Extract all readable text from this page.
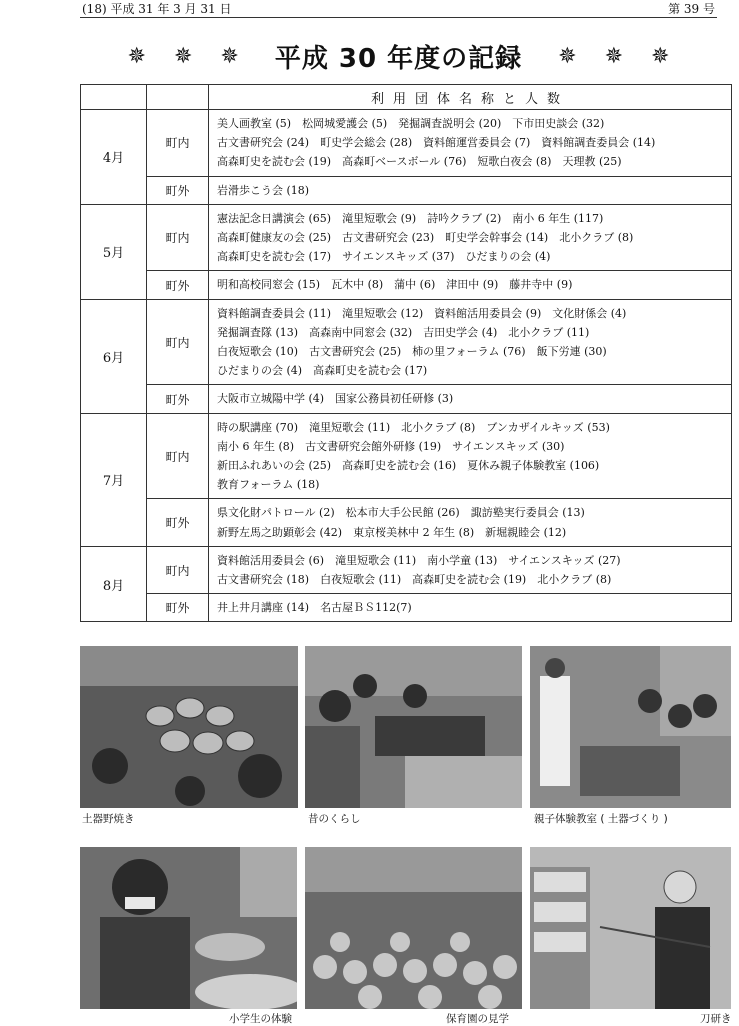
(18) 平成 31 年 3 月 31 日	第 39 号
✵ ✵ ✵ 平成 30 年度の記録 ✵ ✵ ✵
		利用団体名称と人数
4月	町内	美人画教室 (5)　松岡城愛護会 (5)　発掘調査説明会 (20)　下市田史談会 (32)
古文書研究会 (24)　町史学会総会 (28)　資料館運営委員会 (7)　資料館調査委員会 (14)
高森町史を読む会 (19)　高森町ベースボール (76)　短歌白夜会 (8)　天理教 (25)

	町外	岩滑歩こう会 (18)

5月	町内	憲法記念日講演会 (65)　滝里短歌会 (9)　詩吟クラブ (2)　南小 6 年生 (117)
高森町健康友の会 (25)　古文書研究会 (23)　町史学会幹事会 (14)　北小クラブ (8)
高森町史を読む会 (17)　サイエンスキッズ (37)　ひだまりの会 (4)

	町外	明和高校同窓会 (15)　瓦木中 (8)　蒲中 (6)　津田中 (9)　藤井寺中 (9)

6月	町内	資料館調査委員会 (11)　滝里短歌会 (12)　資料館活用委員会 (9)　文化財係会 (4)
発掘調査隊 (13)　高森南中同窓会 (32)　吉田史学会 (4)　北小クラブ (11)
白夜短歌会 (10)　古文書研究会 (25)　柿の里フォーラム (76)　飯下労連 (30)
ひだまりの会 (4)　高森町史を読む会 (17)

	町外	大阪市立城陽中学 (4)　国家公務員初任研修 (3)

7月	町内	時の駅講座 (70)　滝里短歌会 (11)　北小クラブ (8)　ブンカザイルキッズ (53)
南小 6 年生 (8)　古文書研究会館外研修 (19)　サイエンスキッズ (30)
新田ふれあいの会 (25)　高森町史を読む会 (16)　夏休み親子体験教室 (106)
教育フォーラム (18)

	町外	県文化財パトロール (2)　松本市大手公民館 (26)　諏訪塾実行委員会 (13)
新野左馬之助顕彰会 (42)　東京桜美林中 2 年生 (8)　新堀親睦会 (12)

8月	町内	資料館活用委員会 (6)　滝里短歌会 (11)　南小学童 (13)　サイエンスキッズ (27)
古文書研究会 (18)　白夜短歌会 (11)　高森町史を読む会 (19)　北小クラブ (8)

	町外	井上井月講座 (14)　名古屋ＢＳ112(7)
土器野焼き	昔のくらし	親子体験教室 ( 土器づくり )
小学生の体験	保育園の見学	刀研き
